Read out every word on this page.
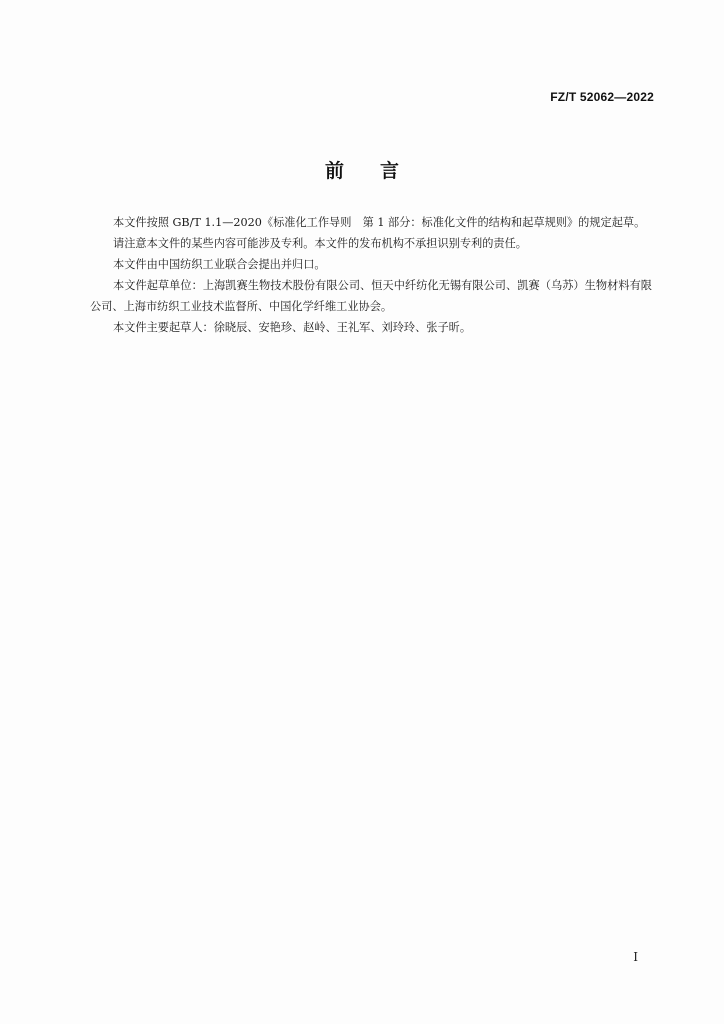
FZ/T 52062—2022
前言

本文件按照 GB/T 1.1—2020《标准化工作导则　第 1 部分：标准化文件的结构和起草规则》的规定起草。

请注意本文件的某些内容可能涉及专利。本文件的发布机构不承担识别专利的责任。

本文件由中国纺织工业联合会提出并归口。

本文件起草单位：上海凯赛生物技术股份有限公司、恒天中纤纺化无锡有限公司、凯赛（乌苏）生物材料有限公司、上海市纺织工业技术监督所、中国化学纤维工业协会。

本文件主要起草人：徐晓辰、安艳珍、赵岭、王礼军、刘玲玲、张子昕。

I
